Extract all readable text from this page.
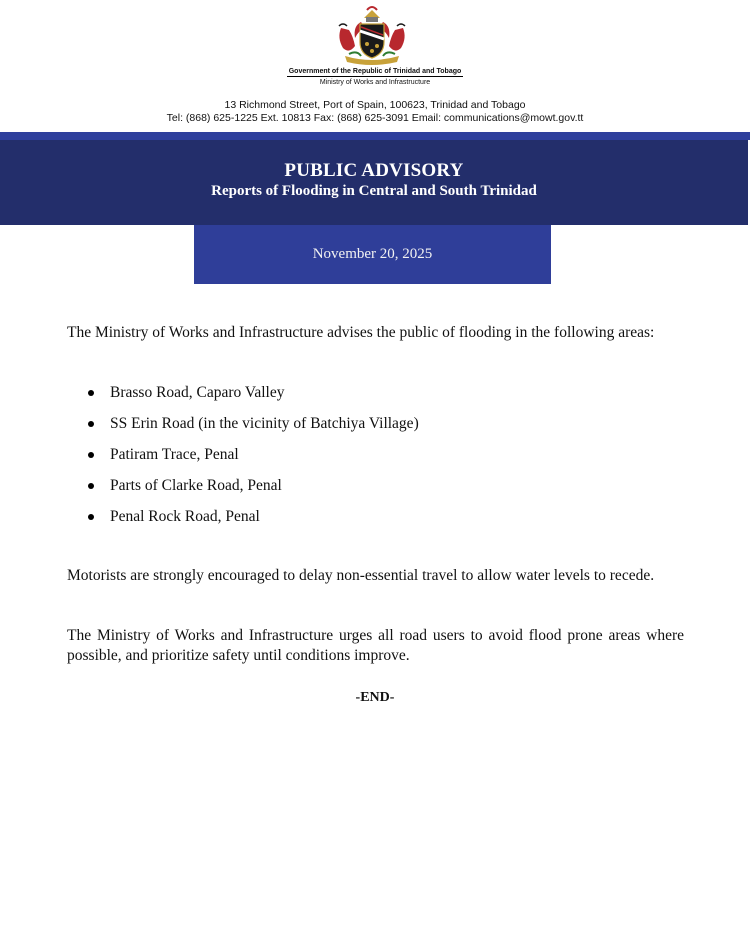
Government of the Republic of Trinidad and Tobago
Ministry of Works and Infrastructure
13 Richmond Street, Port of Spain, 100623, Trinidad and Tobago
Tel: (868) 625-1225 Ext. 10813 Fax: (868) 625-3091 Email: communications@mowt.gov.tt
PUBLIC ADVISORY
Reports of Flooding in Central and South Trinidad
November 20, 2025
The Ministry of Works and Infrastructure advises the public of flooding in the following areas:
Brasso Road, Caparo Valley
SS Erin Road (in the vicinity of Batchiya Village)
Patiram Trace, Penal
Parts of Clarke Road, Penal
Penal Rock Road, Penal
Motorists are strongly encouraged to delay non-essential travel to allow water levels to recede.
The Ministry of Works and Infrastructure urges all road users to avoid flood prone areas where possible, and prioritize safety until conditions improve.
-END-
